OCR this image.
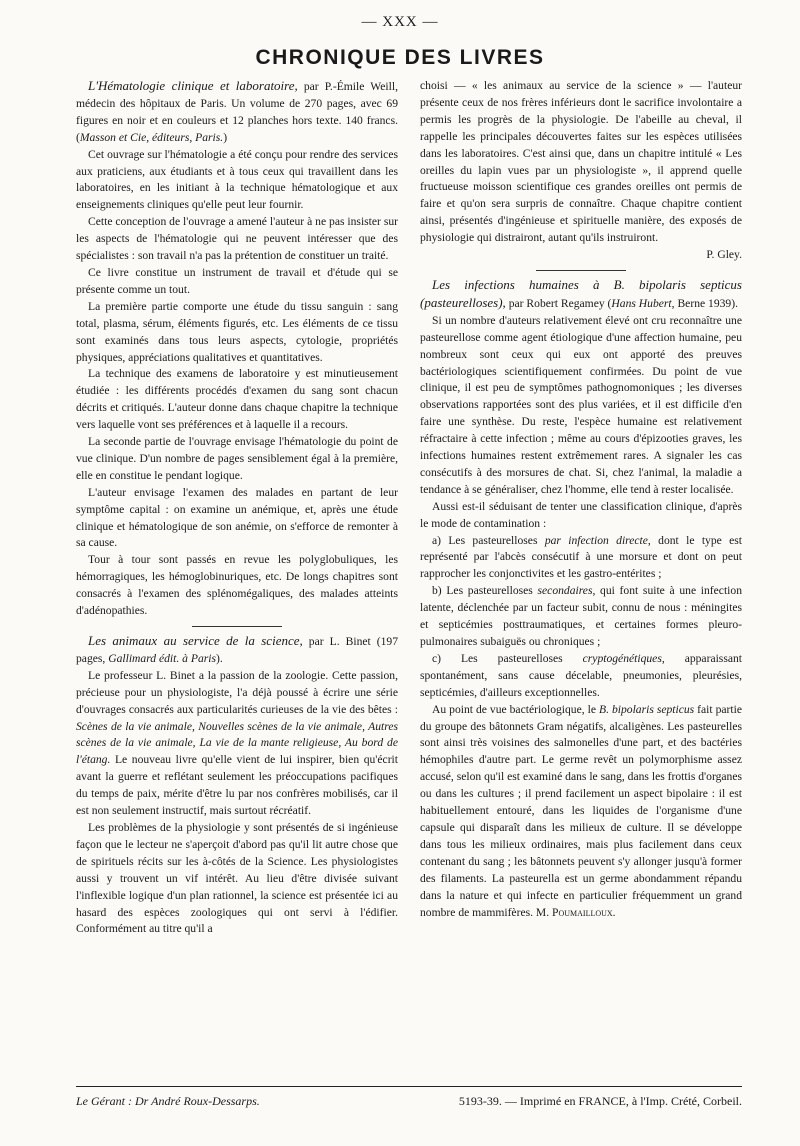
— XXX —
CHRONIQUE DES LIVRES

L'Hématologie clinique et laboratoire, par P.-Émile Weill, médecin des hôpitaux de Paris. Un volume de 270 pages, avec 69 figures en noir et en couleurs et 12 planches hors texte. 140 francs. (Masson et Cie, éditeurs, Paris.)

Cet ouvrage sur l'hématologie a été conçu pour rendre des services aux praticiens, aux étudiants et à tous ceux qui travaillent dans les laboratoires, en les initiant à la technique hématologique et aux enseignements cliniques qu'elle peut leur fournir.

Cette conception de l'ouvrage a amené l'auteur à ne pas insister sur les aspects de l'hématologie qui ne peuvent intéresser que des spécialistes : son travail n'a pas la prétention de constituer un traité.

Ce livre constitue un instrument de travail et d'étude qui se présente comme un tout.

La première partie comporte une étude du tissu sanguin : sang total, plasma, sérum, éléments figurés, etc. Les éléments de ce tissu sont examinés dans tous leurs aspects, cytologie, propriétés physiques, appréciations qualitatives et quantitatives.

La technique des examens de laboratoire y est minutieusement étudiée : les différents procédés d'examen du sang sont chacun décrits et critiqués. L'auteur donne dans chaque chapitre la technique vers laquelle vont ses préférences et à laquelle il a recours.

La seconde partie de l'ouvrage envisage l'hématologie du point de vue clinique. D'un nombre de pages sensiblement égal à la première, elle en constitue le pendant logique.

L'auteur envisage l'examen des malades en partant de leur symptôme capital : on examine un anémique, et, après une étude clinique et hématologique de son anémie, on s'efforce de remonter à sa cause.

Tour à tour sont passés en revue les polyglobuliques, les hémorragiques, les hémoglobinuriques, etc. De longs chapitres sont consacrés à l'examen des splénomégaliques, des malades atteints d'adénopathies.

Les animaux au service de la science, par L. Binet (197 pages, Gallimard édit. à Paris).

Le professeur L. Binet a la passion de la zoologie. Cette passion, précieuse pour un physiologiste, l'a déjà poussé à écrire une série d'ouvrages consacrés aux particularités curieuses de la vie des bêtes : Scènes de la vie animale, Nouvelles scènes de la vie animale, Autres scènes de la vie animale, La vie de la mante religieuse, Au bord de l'étang. Le nouveau livre qu'elle vient de lui inspirer, bien qu'écrit avant la guerre et reflétant seulement les préoccupations pacifiques du temps de paix, mérite d'être lu par nos confrères mobilisés, car il est non seulement instructif, mais surtout récréatif.

Les problèmes de la physiologie y sont présentés de si ingénieuse façon que le lecteur ne s'aperçoit d'abord pas qu'il lit autre chose que de spirituels récits sur les à-côtés de la Science. Les physiologistes aussi y trouvent un vif intérêt. Au lieu d'être divisée suivant l'inflexible logique d'un plan rationnel, la science est présentée ici au hasard des espèces zoologiques qui ont servi à l'édifier. Conformément au titre qu'il a

choisi — « les animaux au service de la science » — l'auteur présente ceux de nos frères inférieurs dont le sacrifice involontaire a permis les progrès de la physiologie. De l'abeille au cheval, il rappelle les principales découvertes faites sur les espèces utilisées dans les laboratoires. C'est ainsi que, dans un chapitre intitulé « Les oreilles du lapin vues par un physiologiste », il apprend quelle fructueuse moisson scientifique ces grandes oreilles ont permis de faire et qu'on sera surpris de connaître. Chaque chapitre contient ainsi, présentés d'ingénieuse et spirituelle manière, des exposés de physiologie qui distrairont, autant qu'ils instruiront.

P. Gley.

Les infections humaines à B. bipolaris septicus (pasteurelloses), par Robert Regamey (Hans Hubert, Berne 1939).

Si un nombre d'auteurs relativement élevé ont cru reconnaître une pasteurellose comme agent étiologique d'une affection humaine, peu nombreux sont ceux qui eux ont apporté des preuves bactériologiques scientifiquement confirmées. Du point de vue clinique, il est peu de symptômes pathognomoniques ; les diverses observations rapportées sont des plus variées, et il est difficile d'en faire une synthèse. Du reste, l'espèce humaine est relativement réfractaire à cette infection ; même au cours d'épizooties graves, les infections humaines restent extrêmement rares. A signaler les cas consécutifs à des morsures de chat. Si, chez l'animal, la maladie a tendance à se généraliser, chez l'homme, elle tend à rester localisée.

Aussi est-il séduisant de tenter une classification clinique, d'après le mode de contamination :

a) Les pasteurelloses par infection directe, dont le type est représenté par l'abcès consécutif à une morsure et dont on peut rapprocher les conjonctivites et les gastro-entérites ;

b) Les pasteurelloses secondaires, qui font suite à une infection latente, déclenchée par un facteur subit, connu de nous : méningites et septicémies posttraumatiques, et certaines formes pleuro-pulmonaires subaiguës ou chroniques ;

c) Les pasteurelloses cryptogénétiques, apparaissant spontanément, sans cause décelable, pneumonies, pleurésies, septicémies, d'ailleurs exceptionnelles.

Au point de vue bactériologique, le B. bipolaris septicus fait partie du groupe des bâtonnets Gram négatifs, alcaligènes. Les pasteurelles sont ainsi très voisines des salmonelles d'une part, et des bactéries hémophiles d'autre part. Le germe revêt un polymorphisme assez accusé, selon qu'il est examiné dans le sang, dans les frottis d'organes ou dans les cultures ; il prend facilement un aspect bipolaire : il est habituellement entouré, dans les liquides de l'organisme d'une capsule qui disparaît dans les milieux de culture. Il se développe dans tous les milieux ordinaires, mais plus facilement dans ceux contenant du sang ; les bâtonnets peuvent s'y allonger jusqu'à former des filaments. La pasteurella est un germe abondamment répandu dans la nature et qui infecte en particulier fréquemment un grand nombre de mammifères. M. Poumailloux.

Le Gérant : Dr André Roux-Dessarps.	5193-39. — Imprimé en FRANCE, à l'Imp. Crété, Corbeil.
